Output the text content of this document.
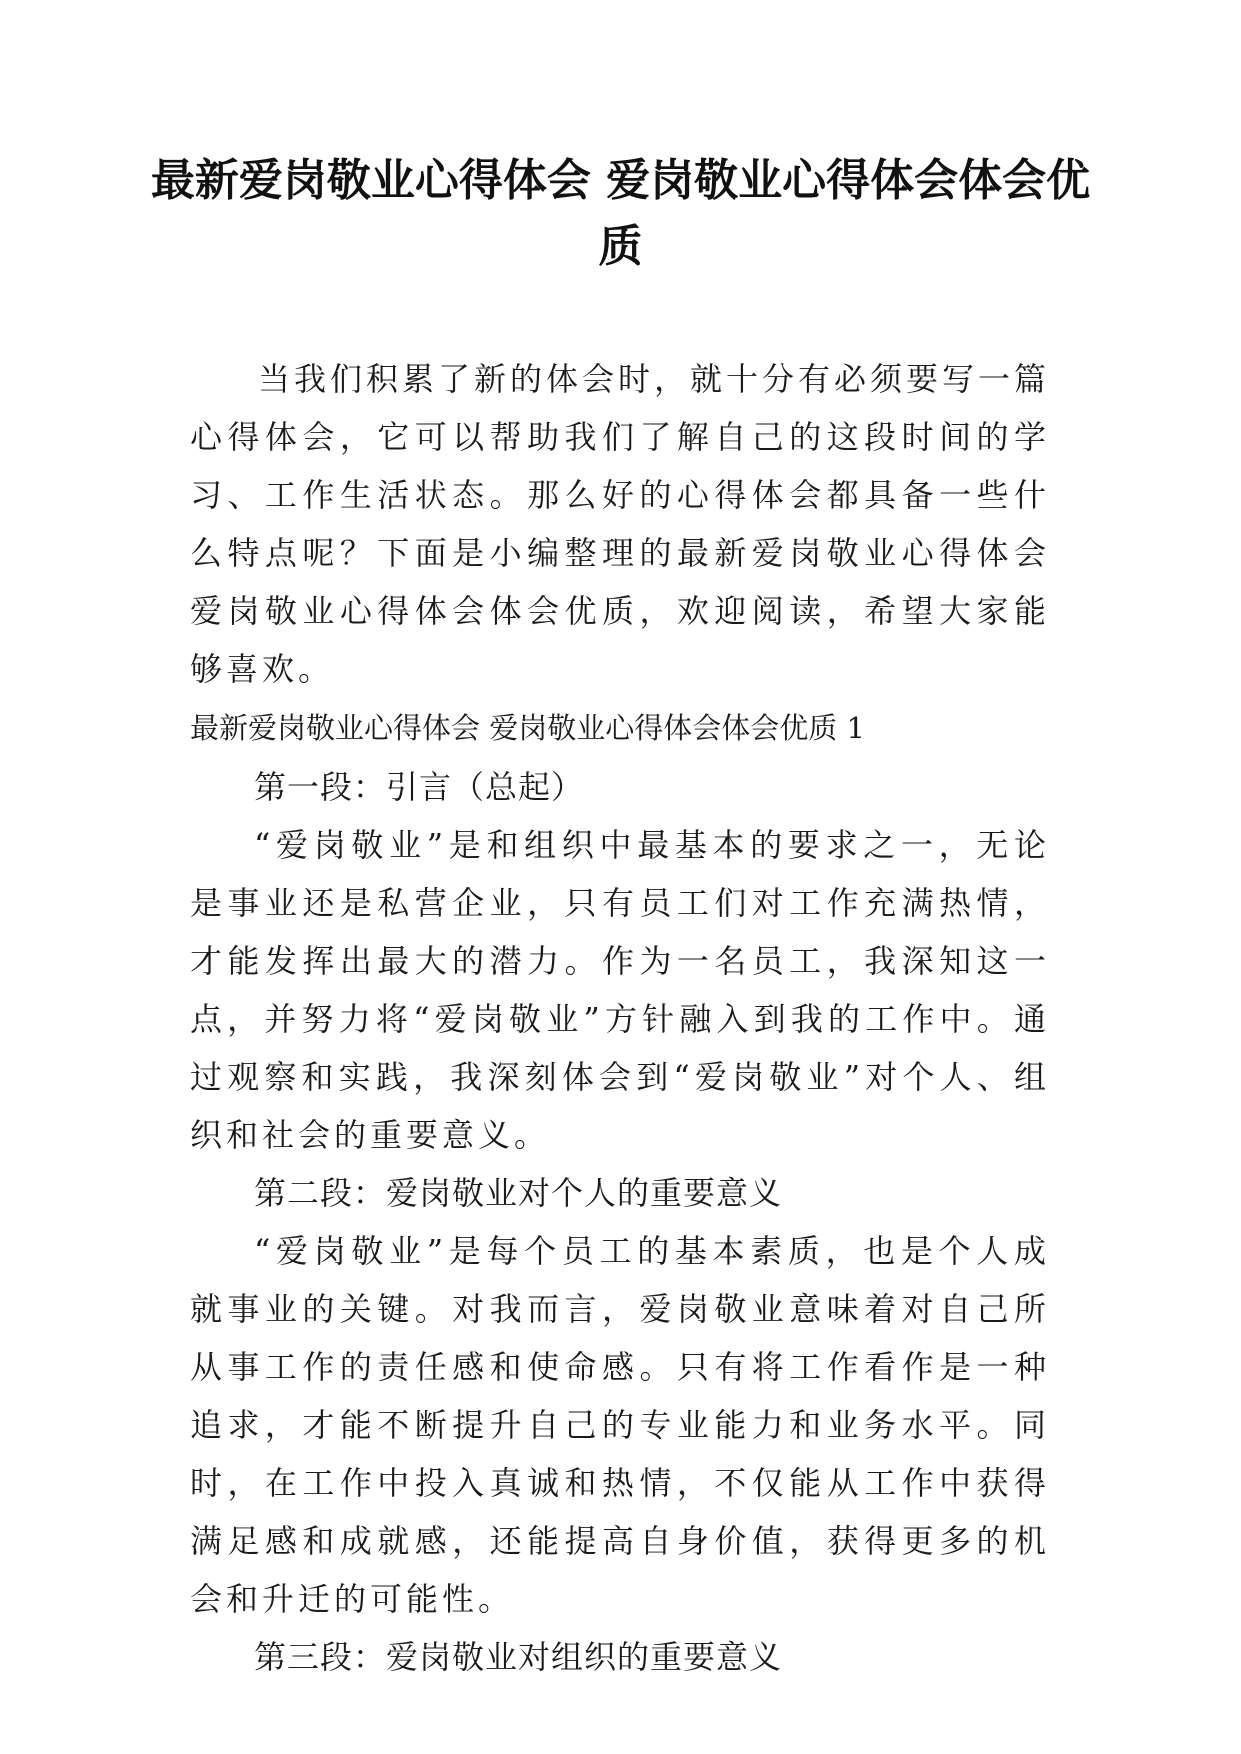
最新爱岗敬业心得体会 爱岗敬业心得体会体会优质

当我们积累了新的体会时，就十分有必须要写一篇心得体会，它可以帮助我们了解自己的这段时间的学习、工作生活状态。那么好的心得体会都具备一些什么特点呢？下面是小编整理的最新爱岗敬业心得体会 爱岗敬业心得体会体会优质，欢迎阅读，希望大家能够喜欢。

最新爱岗敬业心得体会 爱岗敬业心得体会体会优质 1

第一段：引言（总起）

“爱岗敬业”是和组织中最基本的要求之一，无论是事业还是私营企业，只有员工们对工作充满热情，才能发挥出最大的潜力。作为一名员工，我深知这一点，并努力将“爱岗敬业”方针融入到我的工作中。通过观察和实践，我深刻体会到“爱岗敬业”对个人、组织和社会的重要意义。

第二段：爱岗敬业对个人的重要意义

“爱岗敬业”是每个员工的基本素质，也是个人成就事业的关键。对我而言，爱岗敬业意味着对自己所从事工作的责任感和使命感。只有将工作看作是一种追求，才能不断提升自己的专业能力和业务水平。同时，在工作中投入真诚和热情，不仅能从工作中获得满足感和成就感，还能提高自身价值，获得更多的机会和升迁的可能性。

第三段：爱岗敬业对组织的重要意义
